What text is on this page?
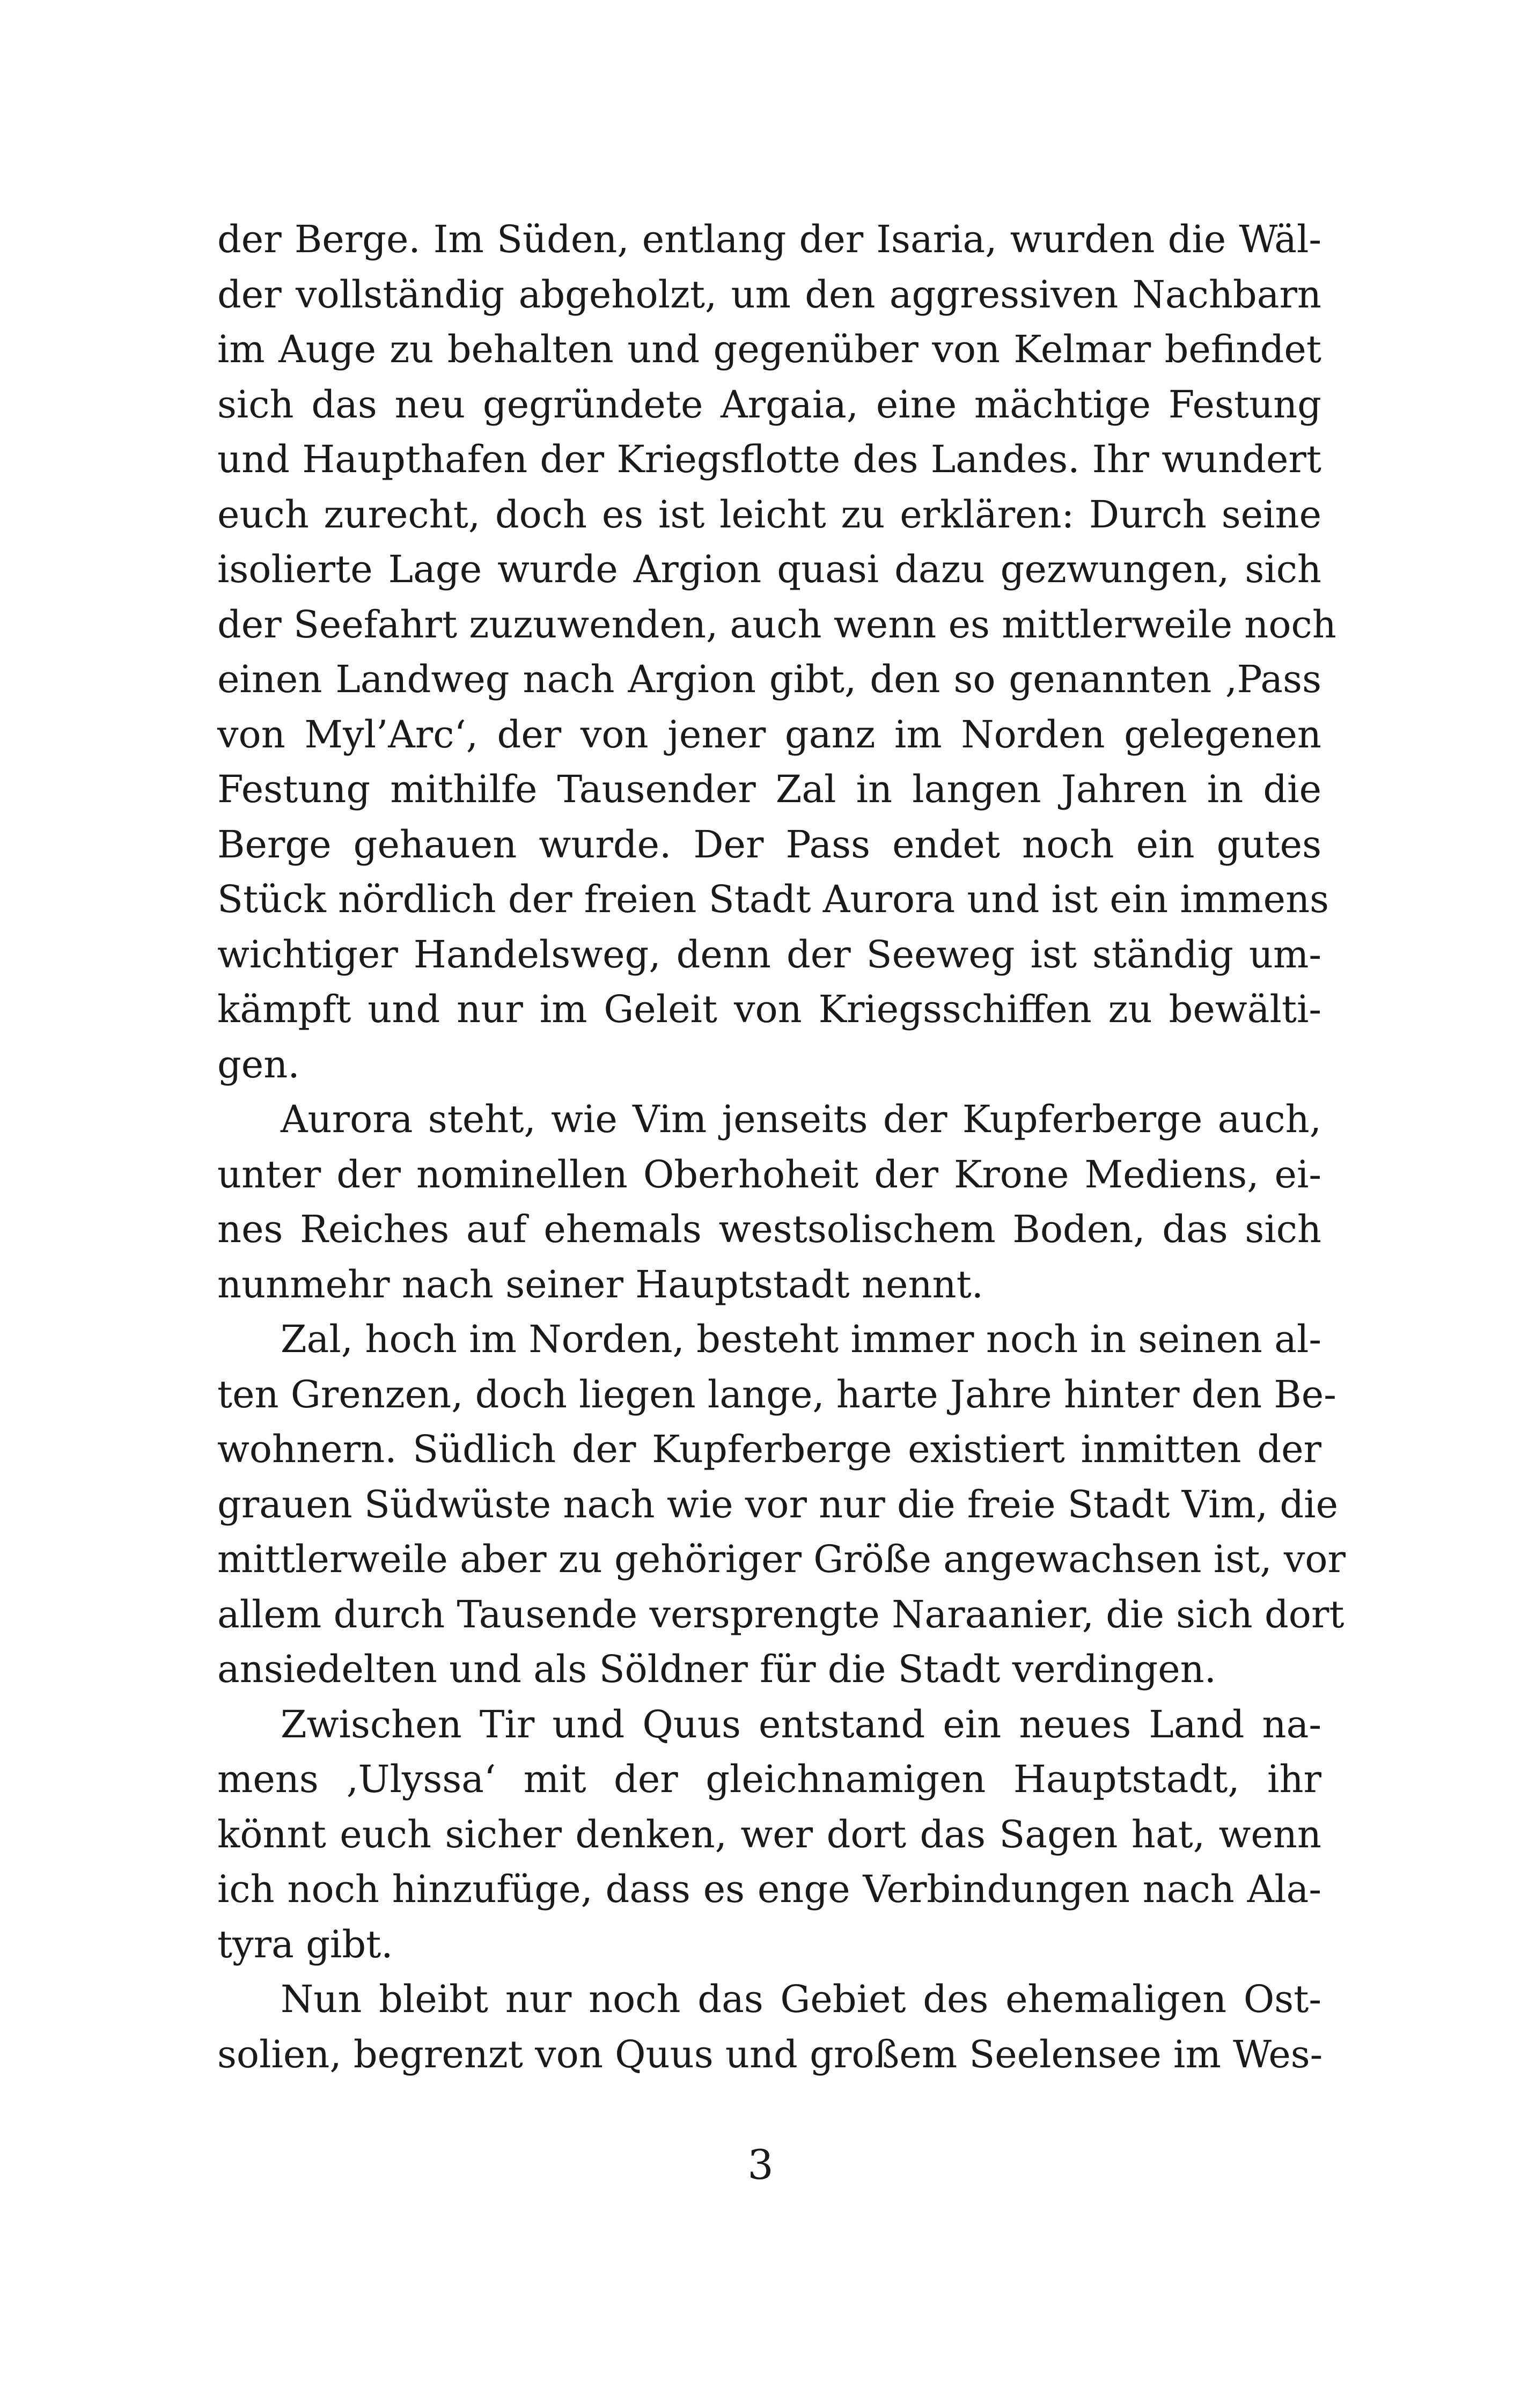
der Berge. Im Süden, entlang der Isaria, wurden die Wäl-
der vollständig abgeholzt, um den aggressiven Nachbarn
im Auge zu behalten und gegenüber von Kelmar befindet
sich das neu gegründete Argaia, eine mächtige Festung
und Haupthafen der Kriegsflotte des Landes. Ihr wundert
euch zurecht, doch es ist leicht zu erklären: Durch seine
isolierte Lage wurde Argion quasi dazu gezwungen, sich
der Seefahrt zuzuwenden, auch wenn es mittlerweile noch
einen Landweg nach Argion gibt, den so genannten ‚Pass
von Myl’Arc‘, der von jener ganz im Norden gelegenen
Festung mithilfe Tausender Zal in langen Jahren in die
Berge gehauen wurde. Der Pass endet noch ein gutes
Stück nördlich der freien Stadt Aurora und ist ein immens
wichtiger Handelsweg, denn der Seeweg ist ständig um-
kämpft und nur im Geleit von Kriegsschiffen zu bewälti-
gen.
Aurora steht, wie Vim jenseits der Kupferberge auch,
unter der nominellen Oberhoheit der Krone Mediens, ei-
nes Reiches auf ehemals westsolischem Boden, das sich
nunmehr nach seiner Hauptstadt nennt.
Zal, hoch im Norden, besteht immer noch in seinen al-
ten Grenzen, doch liegen lange, harte Jahre hinter den Be-
wohnern. Südlich der Kupferberge existiert inmitten der
grauen Südwüste nach wie vor nur die freie Stadt Vim, die
mittlerweile aber zu gehöriger Größe angewachsen ist, vor
allem durch Tausende versprengte Naraanier, die sich dort
ansiedelten und als Söldner für die Stadt verdingen.
Zwischen Tir und Quus entstand ein neues Land na-
mens ‚Ulyssa‘ mit der gleichnamigen Hauptstadt, ihr
könnt euch sicher denken, wer dort das Sagen hat, wenn
ich noch hinzufüge, dass es enge Verbindungen nach Ala-
tyra gibt.
Nun bleibt nur noch das Gebiet des ehemaligen Ost-
solien, begrenzt von Quus und großem Seelensee im Wes-
3
